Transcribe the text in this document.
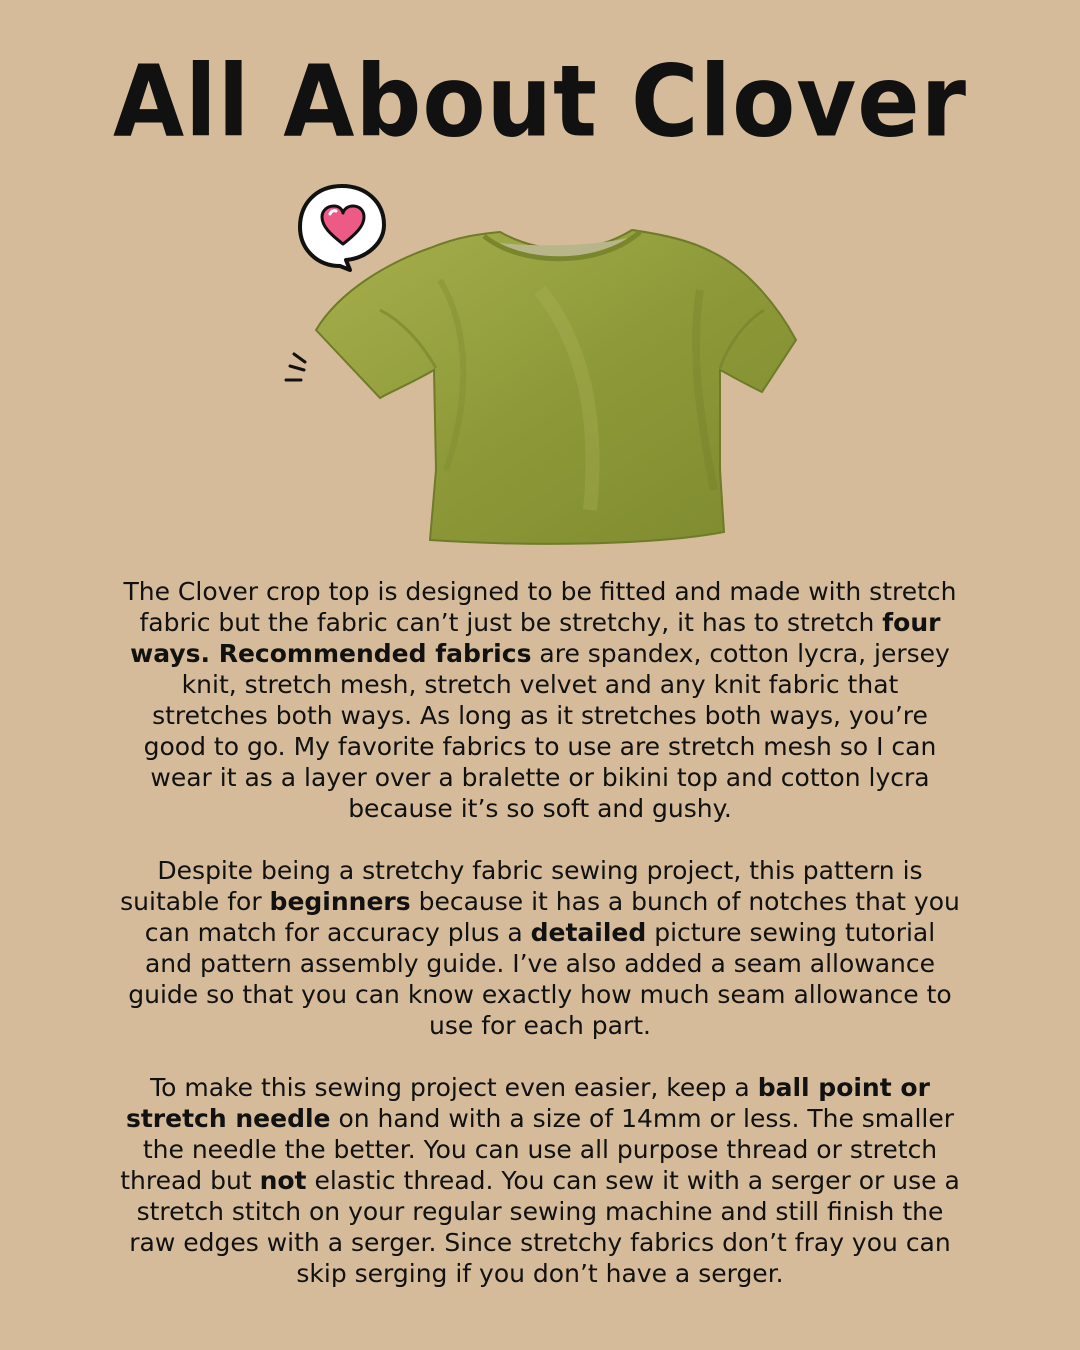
All About Clover

The Clover crop top is designed to be fitted and made with stretch fabric but the fabric can’t just be stretchy, it has to stretch four ways. Recommended fabrics are spandex, cotton lycra, jersey knit, stretch mesh, stretch velvet and any knit fabric that stretches both ways. As long as it stretches both ways, you’re good to go. My favorite fabrics to use are stretch mesh so I can wear it as a layer over a bralette or bikini top and cotton lycra because it’s so soft and gushy.

Despite being a stretchy fabric sewing project, this pattern is suitable for beginners because it has a bunch of notches that you can match for accuracy plus a detailed picture sewing tutorial and pattern assembly guide. I’ve also added a seam allowance guide so that you can know exactly how much seam allowance to use for each part.

To make this sewing project even easier, keep a ball point or stretch needle on hand with a size of 14mm or less. The smaller the needle the better. You can use all purpose thread or stretch thread but not elastic thread. You can sew it with a serger or use a stretch stitch on your regular sewing machine and still finish the raw edges with a serger. Since stretchy fabrics don’t fray you can skip serging if you don’t have a serger.
